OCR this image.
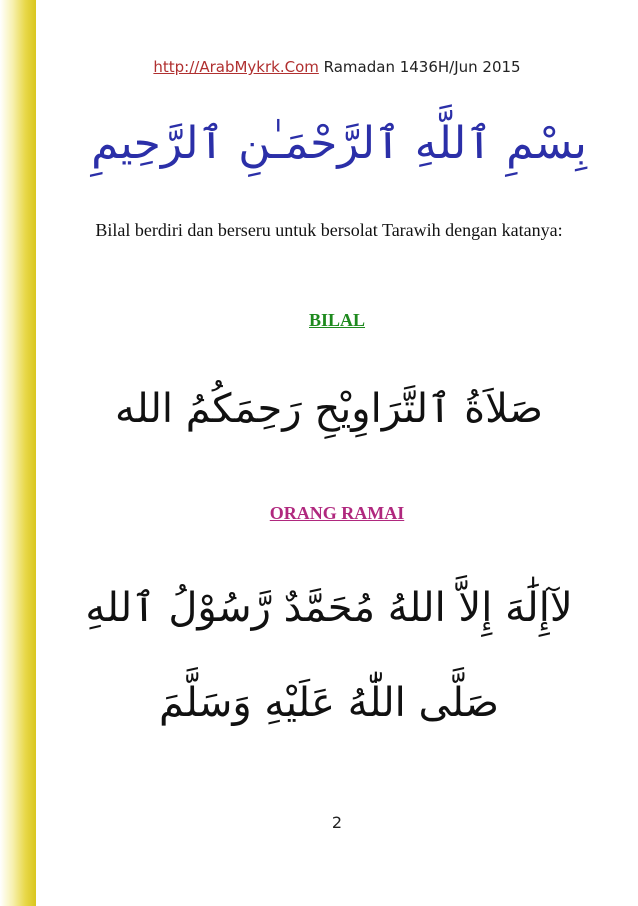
http://ArabMykrk.Com Ramadan 1436H/Jun 2015
بِسْمِ ٱللَّهِ ٱلرَّحْمَـٰنِ ٱلرَّحِيمِ
Bilal berdiri dan berseru untuk bersolat Tarawih dengan katanya:
BILAL
صَلاَةُ ٱلتَّرَاوِيْحِ رَحِمَكُمُ الله
ORANG RAMAI
لآإِلَٰهَ إِلاَّ اللهُ مُحَمَّدٌ رَّسُوْلُ ٱللهِ
صَلَّى اللّٰهُ عَلَيْهِ وَسَلَّمَ
2
